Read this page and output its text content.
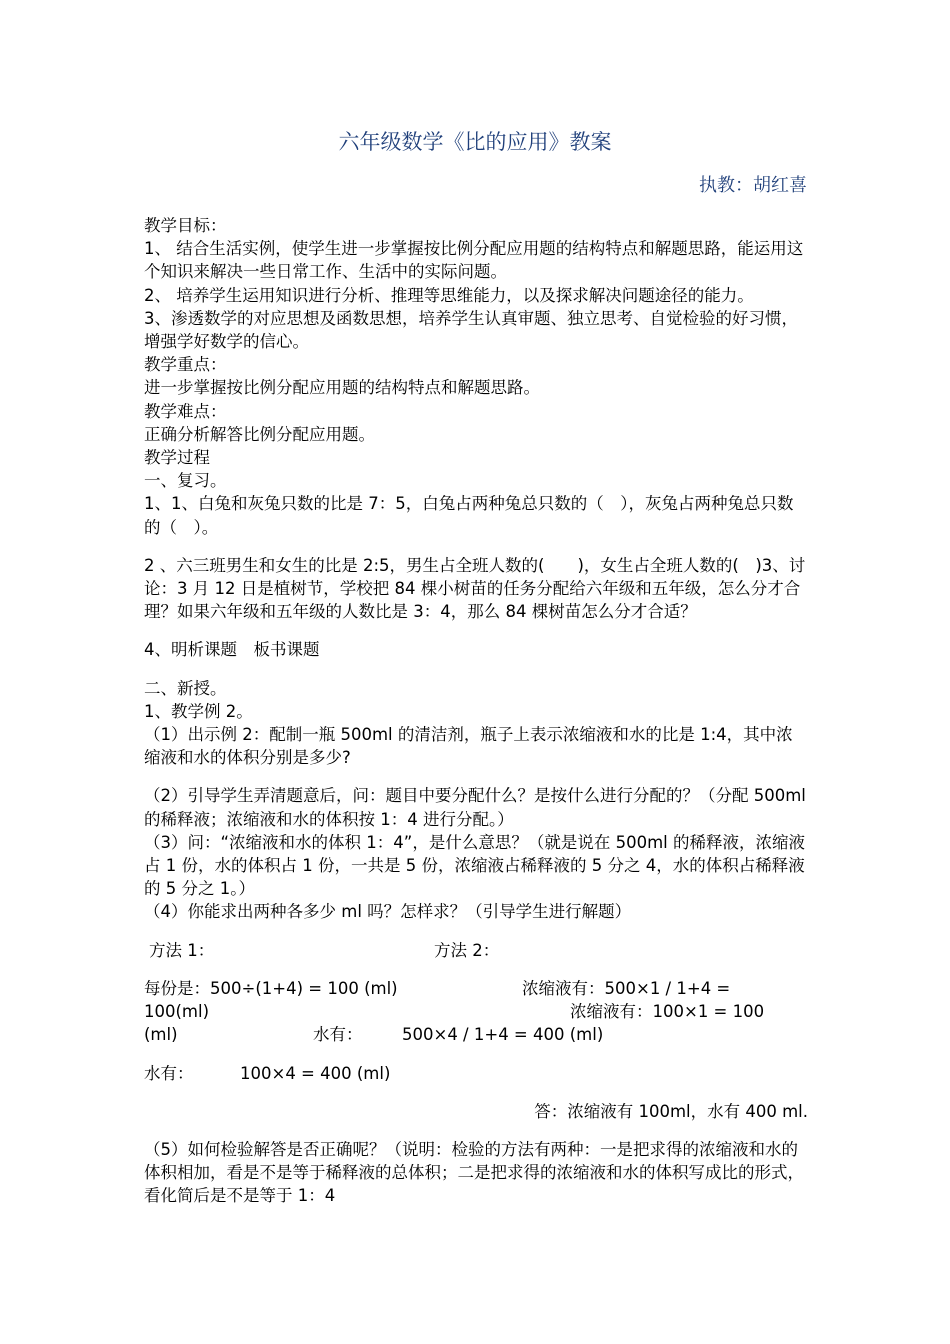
六年级数学《比的应用》教案
执教：胡红喜

教学目标：

1、 结合生活实例，使学生进一步掌握按比例分配应用题的结构特点和解题思路，能运用这个知识来解决一些日常工作、生活中的实际问题。

2、 培养学生运用知识进行分析、推理等思维能力，以及探求解决问题途径的能力。

3、渗透数学的对应思想及函数思想，培养学生认真审题、独立思考、自觉检验的好习惯，增强学好数学的信心。

教学重点：

进一步掌握按比例分配应用题的结构特点和解题思路。

教学难点：

正确分析解答比例分配应用题。

教学过程

一、复习。

1、1、白兔和灰兔只数的比是 7：5，白兔占两种兔总只数的（　），灰兔占两种兔总只数的（　）。

2 、六三班男生和女生的比是 2:5，男生占全班人数的(　　)，女生占全班人数的(　)3、讨论：3 月 12 日是植树节，学校把 84 棵小树苗的任务分配给六年级和五年级，怎么分才合理？如果六年级和五年级的人数比是 3：4，那么 84 棵树苗怎么分才合适？

4、明析课题　板书课题

二、新授。

1、教学例 2。

（1）出示例 2：配制一瓶 500ml 的清洁剂，瓶子上表示浓缩液和水的比是 1:4，其中浓缩液和水的体积分别是多少?

（2）引导学生弄清题意后，问：题目中要分配什么？是按什么进行分配的？（分配 500ml 的稀释液；浓缩液和水的体积按 1：4 进行分配。）

（3）问：“浓缩液和水的体积 1：4”，是什么意思？（就是说在 500ml 的稀释液，浓缩液占 1 份，水的体积占 1 份，一共是 5 份，浓缩液占稀释液的 5 分之 4，水的体积占稀释液的 5 分之 1。）

（4）你能求出两种各多少 ml 吗？怎样求？（引导学生进行解题）

方法 1：	方法 2：
每份是：500÷(1+4) = 100 (ml)	浓缩液有：500×1 / 1+4 =
100(ml)	浓缩液有：100×1 = 100
(ml)	水有：	500×4 / 1+4 = 400 (ml)
水有：	100×4 = 400 (ml)

答：浓缩液有 100ml，水有 400 ml.

（5）如何检验解答是否正确呢？（说明：检验的方法有两种：一是把求得的浓缩液和水的体积相加，看是不是等于稀释液的总体积；二是把求得的浓缩液和水的体积写成比的形式，看化简后是不是等于 1：4
